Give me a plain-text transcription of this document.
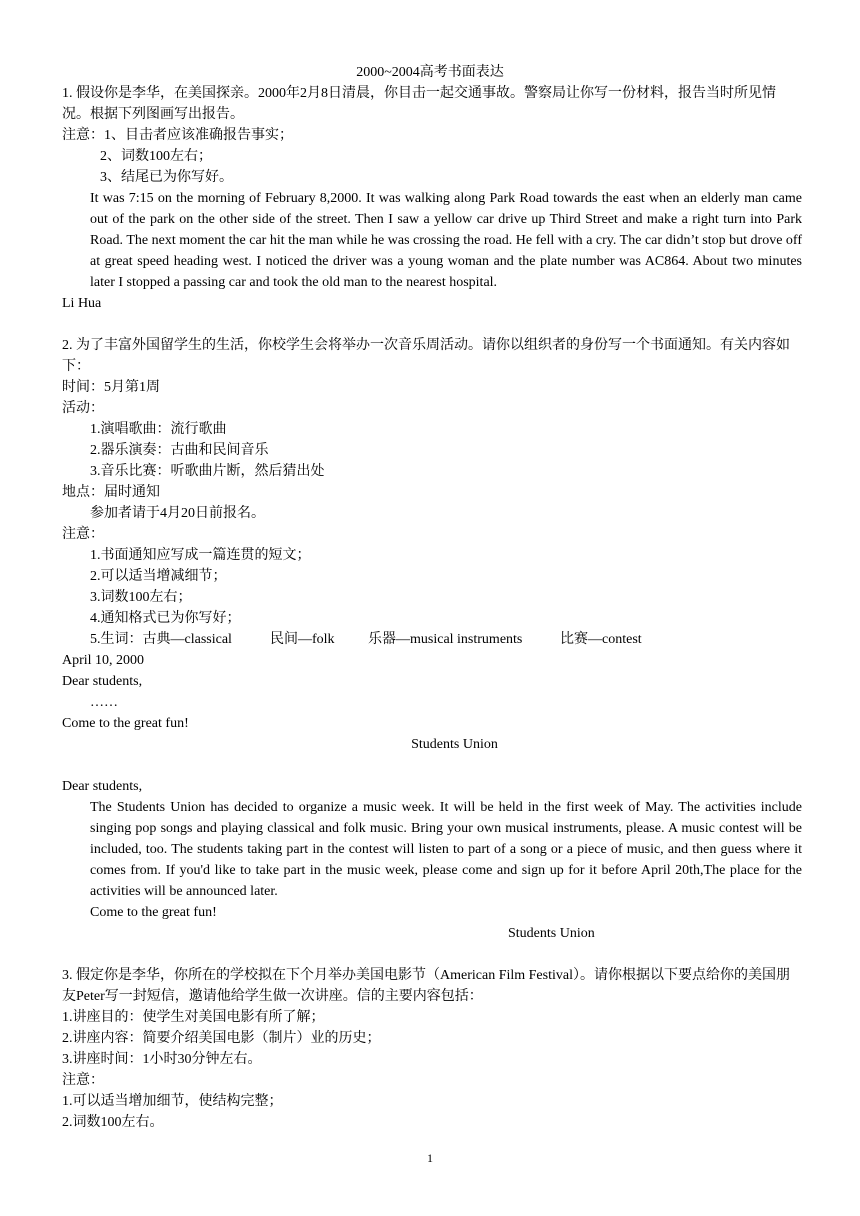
2000~2004高考书面表达

1. 假设你是李华，在美国探亲。2000年2月8日清晨，你目击一起交通事故。警察局让你写一份材料，报告当时所见情况。根据下列图画写出报告。

注意：1、目击者应该准确报告事实；

2、词数100左右；

3、结尾已为你写好。

It was 7:15 on the morning of February 8,2000. It was walking along Park Road towards the east when an elderly man came out of the park on the other side of the street. Then I saw a yellow car drive up Third Street and make a right turn into Park Road. The next moment the car hit the man while he was crossing the road. He fell with a cry. The car didn’t stop but drove off at great speed heading west. I noticed the driver was a young woman and the plate number was AC864. About two minutes later I stopped a passing car and took the old man to the nearest hospital.

Li Hua

2. 为了丰富外国留学生的生活，你校学生会将举办一次音乐周活动。请你以组织者的身份写一个书面通知。有关内容如下：

时间：5月第1周

活动：

1.演唱歌曲：流行歌曲

2.器乐演奏：古曲和民间音乐

3.音乐比赛：听歌曲片断，然后猜出处

地点：届时通知

参加者请于4月20日前报名。

注意：

1.书面通知应写成一篇连贯的短文；

2.可以适当增减细节；

3.词数100左右；

4.通知格式已为你写好；

5.生词：古典—classical	民间—folk 乐器—musical instruments	比赛—contest

April 10, 2000

Dear students,

……

Come to the great fun!

Students Union

Dear students,

The Students Union has decided to organize a music week. It will be held in the first week of May. The activities include singing pop songs and playing classical and folk music. Bring your own musical instruments, please. A music contest will be included, too. The students taking part in the contest will listen to part of a song or a piece of music, and then guess where it comes from. If you'd like to take part in the music week, please come and sign up for it before April 20th,The place for the activities will be announced later.

Come to the great fun!

Students Union

3. 假定你是李华，你所在的学校拟在下个月举办美国电影节（American Film Festival）。请你根据以下要点给你的美国朋友Peter写一封短信，邀请他给学生做一次讲座。信的主要内容包括：

1.讲座目的：使学生对美国电影有所了解；

2.讲座内容：简要介绍美国电影（制片）业的历史；

3.讲座时间：1小时30分钟左右。

注意：

1.可以适当增加细节，使结构完整；

2.词数100左右。

1
